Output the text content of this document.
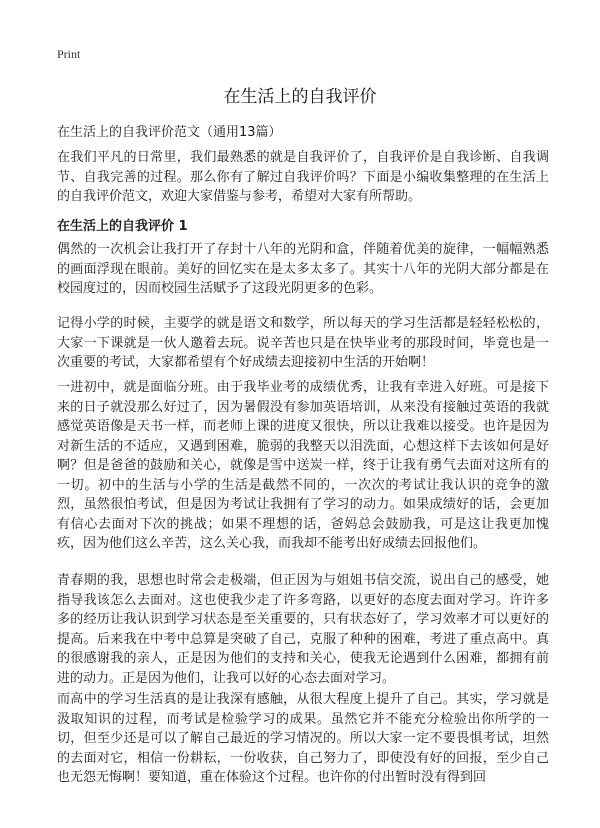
Print
在生活上的自我评价

在生活上的自我评价范文（通用13篇）

在我们平凡的日常里，我们最熟悉的就是自我评价了，自我评价是自我诊断、自我调节、自我完善的过程。那么你有了解过自我评价吗？下面是小编收集整理的在生活上的自我评价范文，欢迎大家借鉴与参考，希望对大家有所帮助。

在生活上的自我评价 1

偶然的一次机会让我打开了存封十八年的光阴和盒，伴随着优美的旋律，一幅幅熟悉的画面浮现在眼前。美好的回忆实在是太多太多了。其实十八年的光阴大部分都是在校园度过的，因而校园生活赋予了这段光阴更多的色彩。

记得小学的时候，主要学的就是语文和数学，所以每天的学习生活都是轻轻松松的，大家一下课就是一伙人邀着去玩。说辛苦也只是在快毕业考的那段时间，毕竟也是一次重要的考试，大家都希望有个好成绩去迎接初中生活的开始啊！

一进初中，就是面临分班。由于我毕业考的成绩优秀，让我有幸进入好班。可是接下来的日子就没那么好过了，因为暑假没有参加英语培训，从来没有接触过英语的我就感觉英语像是天书一样，而老师上课的进度又很快，所以让我难以接受。也许是因为对新生活的不适应，又遇到困难，脆弱的我整天以泪洗面，心想这样下去该如何是好啊？但是爸爸的鼓励和关心，就像是雪中送炭一样，终于让我有勇气去面对这所有的一切。初中的生活与小学的生活是截然不同的，一次次的考试让我认识的竞争的激烈，虽然很怕考试，但是因为考试让我拥有了学习的动力。如果成绩好的话，会更加有信心去面对下次的挑战；如果不理想的话，爸妈总会鼓励我，可是这让我更加愧疚，因为他们这么辛苦，这么关心我，而我却不能考出好成绩去回报他们。

青春期的我，思想也时常会走极端，但正因为与姐姐书信交流，说出自己的感受，她指导我该怎么去面对。这也使我少走了许多弯路，以更好的态度去面对学习。许许多多的经历让我认识到学习状态是至关重要的，只有状态好了，学习效率才可以更好的提高。后来我在中考中总算是突破了自己，克服了种种的困难，考进了重点高中。真的很感谢我的亲人，正是因为他们的支持和关心，使我无论遇到什么困难，都拥有前进的动力。正是因为他们，让我可以好的心态去面对学习。

而高中的学习生活真的是让我深有感触，从很大程度上提升了自己。其实，学习就是汲取知识的过程，而考试是检验学习的成果。虽然它并不能充分检验出你所学的一切，但至少还是可以了解自己最近的学习情况的。所以大家一定不要畏惧考试，坦然的去面对它，相信一份耕耘，一份收获，自己努力了，即使没有好的回报，至少自己也无怨无悔啊！要知道，重在体验这个过程。也许你的付出暂时没有得到回
